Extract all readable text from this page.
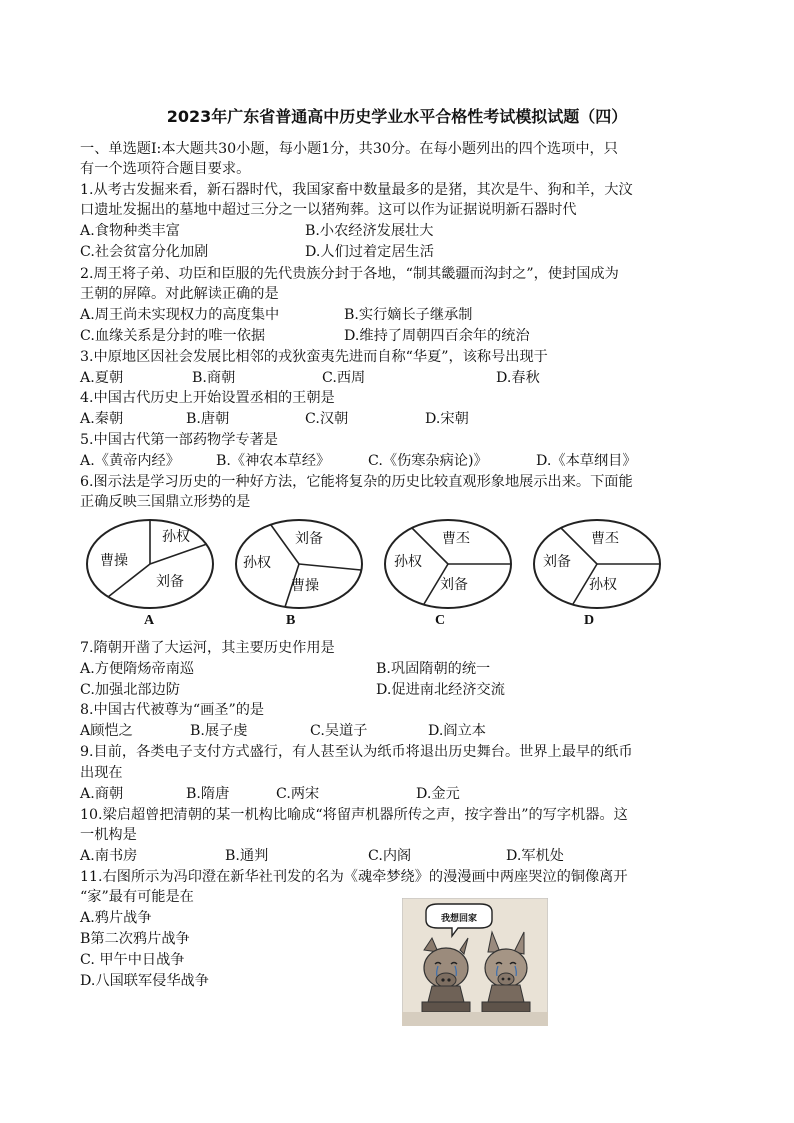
2023年广东省普通高中历史学业水平合格性考试模拟试题（四）
一、单选题Ⅰ:本大题共30小题，每小题1分，共30分。在每小题列出的四个选项中，只
有一个选项符合题目要求。
1.从考古发掘来看，新石器时代，我国家畜中数量最多的是猪，其次是牛、狗和羊，大汶
口遗址发掘出的墓地中超过三分之一以猪殉葬。这可以作为证据说明新石器时代
A.食物种类丰富	B.小农经济发展壮大
C.社会贫富分化加剧	D.人们过着定居生活
2.周王将子弟、功臣和臣服的先代贵族分封于各地，“制其畿疆而沟封之”，使封国成为
王朝的屏障。对此解读正确的是
A.周王尚未实现权力的高度集中	B.实行嫡长子继承制
C.血缘关系是分封的唯一依据	D.维持了周朝四百余年的统治
3.中原地区因社会发展比相邻的戎狄蛮夷先进而自称“华夏”，该称号出现于
A.夏朝	B.商朝	C.西周	D.春秋
4.中国古代历史上开始设置丞相的王朝是
A.秦朝	B.唐朝	C.汉朝	D.宋朝
5.中国古代第一部药物学专著是
A.《黄帝内经》	B.《神农本草经》	C.《伤寒杂病论)》	D.《本草纲目》
6.图示法是学习历史的一种好方法，它能将复杂的历史比较直观形象地展示出来。下面能
正确反映三国鼎立形势的是
曹操
孙权
刘备
A
孙权
刘备
曹操
B
孙权
曹丕
刘备
C
刘备
曹丕
孙权
D
7.隋朝开凿了大运河，其主要历史作用是
A.方便隋炀帝南巡	B.巩固隋朝的统一
C.加强北部边防	D.促进南北经济交流
8.中国古代被尊为“画圣”的是
A顾恺之	B.展子虔	C.吴道子	D.阎立本
9.目前，各类电子支付方式盛行，有人甚至认为纸币将退出历史舞台。世界上最早的纸币
出现在
A.商朝	B.隋唐	C.两宋	D.金元
10.梁启超曾把清朝的某一机构比喻成“将留声机器所传之声，按字誊出”的写字机器。这
一机构是
A.南书房	B.通判	C.内阁	D.军机处
11.右图所示为冯印澄在新华社刊发的名为《魂牵梦绕》的漫漫画中两座哭泣的铜像离开
“家”最有可能是在
A.鸦片战争
B第二次鸦片战争
C. 甲午中日战争
D.八国联军侵华战争
我想回家
